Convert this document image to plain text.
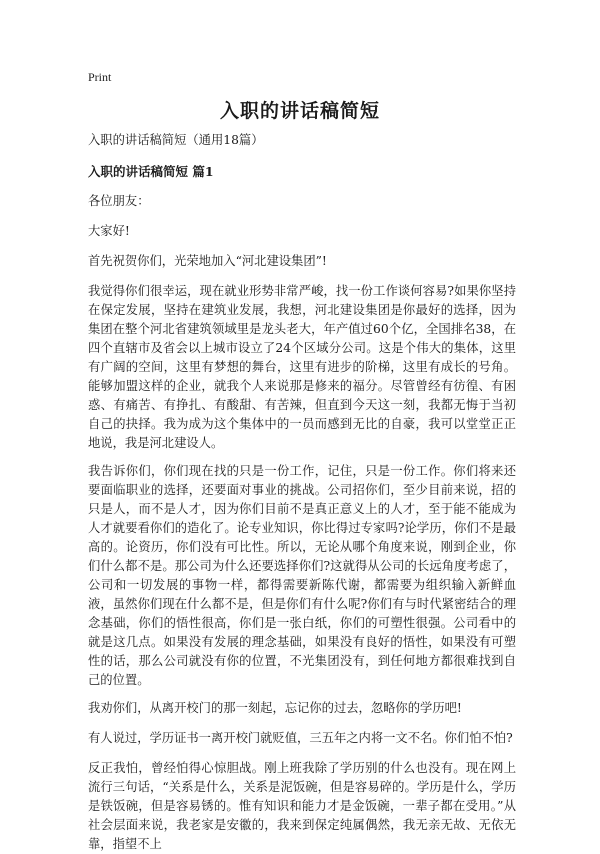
Print
入职的讲话稿简短

入职的讲话稿简短（通用18篇）

入职的讲话稿简短 篇1

各位朋友：

大家好!

首先祝贺你们，光荣地加入“河北建设集团”!

我觉得你们很幸运，现在就业形势非常严峻，找一份工作谈何容易?如果你坚持在保定发展，坚持在建筑业发展，我想，河北建设集团是你最好的选择，因为集团在整个河北省建筑领域里是龙头老大，年产值过60个亿，全国排名38，在四个直辖市及省会以上城市设立了24个区域分公司。这是个伟大的集体，这里有广阔的空间，这里有梦想的舞台，这里有进步的阶梯，这里有成长的号角。能够加盟这样的企业，就我个人来说那是修来的福分。尽管曾经有彷徨、有困惑、有痛苦、有挣扎、有酸甜、有苦辣，但直到今天这一刻，我都无悔于当初自己的抉择。我为成为这个集体中的一员而感到无比的自豪，我可以堂堂正正地说，我是河北建设人。

我告诉你们，你们现在找的只是一份工作，记住，只是一份工作。你们将来还要面临职业的选择，还要面对事业的挑战。公司招你们，至少目前来说，招的只是人，而不是人才，因为你们目前不是真正意义上的人才，至于能不能成为人才就要看你们的造化了。论专业知识，你比得过专家吗?论学历，你们不是最高的。论资历，你们没有可比性。所以，无论从哪个角度来说，刚到企业，你们什么都不是。那公司为什么还要选择你们?这就得从公司的长远角度考虑了，公司和一切发展的事物一样，都得需要新陈代谢，都需要为组织输入新鲜血液，虽然你们现在什么都不是，但是你们有什么呢?你们有与时代紧密结合的理念基础，你们的悟性很高，你们是一张白纸，你们的可塑性很强。公司看中的就是这几点。如果没有发展的理念基础，如果没有良好的悟性，如果没有可塑性的话，那么公司就没有你的位置，不光集团没有，到任何地方都很难找到自己的位置。

我劝你们，从离开校门的那一刻起，忘记你的过去，忽略你的学历吧!

有人说过，学历证书一离开校门就贬值，三五年之内将一文不名。你们怕不怕?

反正我怕，曾经怕得心惊胆战。刚上班我除了学历别的什么也没有。现在网上流行三句话，“关系是什么，关系是泥饭碗，但是容易碎的。学历是什么，学历是铁饭碗，但是容易锈的。惟有知识和能力才是金饭碗，一辈子都在受用。”从社会层面来说，我老家是安徽的，我来到保定纯属偶然，我无亲无故、无依无靠，指望不上
